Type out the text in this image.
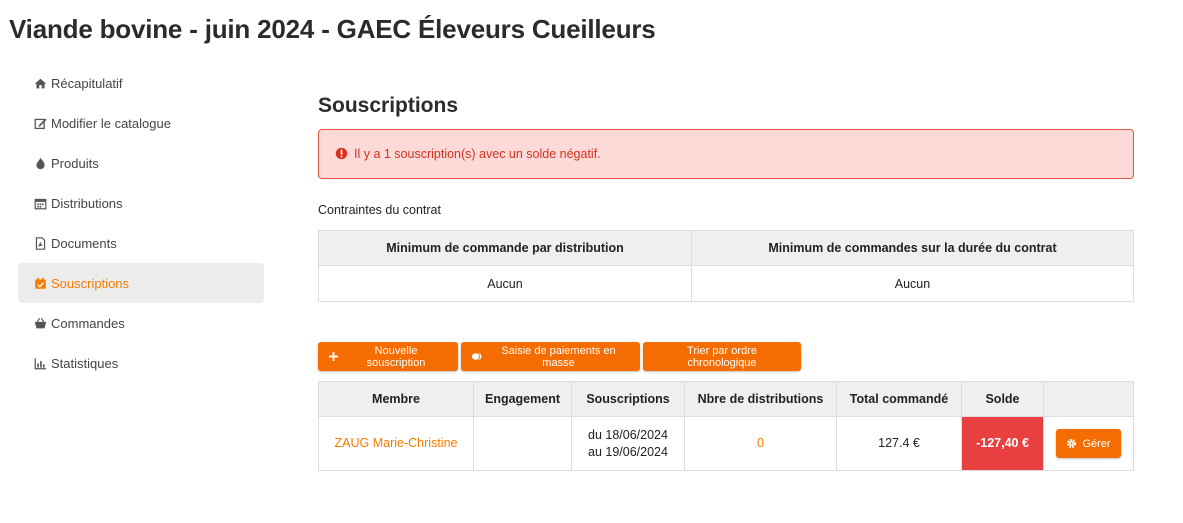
Viande bovine - juin 2024 - GAEC Éleveurs Cueilleurs
Récapitulatif
Modifier le catalogue
Produits
Distributions
Documents
Souscriptions
Commandes
Statistiques
Souscriptions
Il y a 1 souscription(s) avec un solde négatif.
Contraintes du contrat
Minimum de commande par distribution	Minimum de commandes sur la durée du contrat
Aucun	Aucun
Nouvelle souscription
Saisie de paiements en masse
Trier par ordre chronologique
Membre	Engagement	Souscriptions	Nbre de distributions	Total commandé	Solde	
ZAUG Marie-Christine		du 18/06/2024
au 19/06/2024	0	127.4 €	-127,40 €	Gérer
